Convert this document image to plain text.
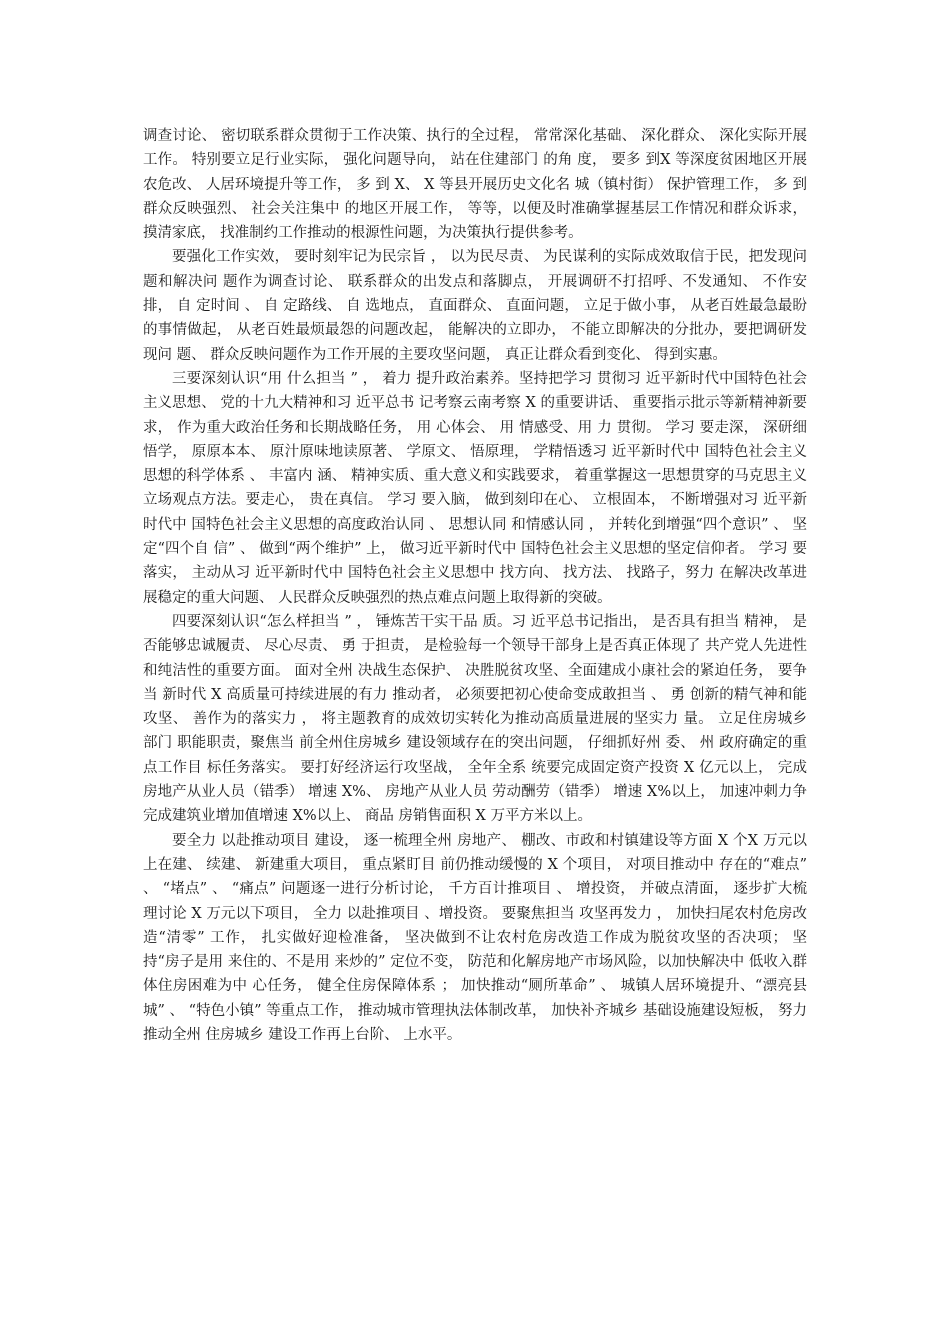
调查讨论、 密切联系群众贯彻于工作决策、执行的全过程， 常常深化基础、 深化群众、 深化实际开展工作。 特别要立足行业实际， 强化问题导向， 站在住建部门 的角 度， 要多 到X 等深度贫困地区开展农危改、 人居环境提升等工作， 多 到 X、 X 等县开展历史文化名 城（镇村街） 保护管理工作， 多 到群众反映强烈、 社会关注集中 的地区开展工作， 等等，以便及时准确掌握基层工作情况和群众诉求， 摸清家底， 找准制约工作推动的根源性问题，为决策执行提供参考。

要强化工作实效， 要时刻牢记为民宗旨 ， 以为民尽责、 为民谋利的实际成效取信于民，把发现问题和解决问 题作为调查讨论、 联系群众的出发点和落脚点， 开展调研不打招呼、不发通知、 不作安排， 自 定时间 、 自 定路线、 自 选地点， 直面群众、 直面问题， 立足于做小事， 从老百姓最急最盼的事情做起， 从老百姓最烦最怨的问题改起， 能解决的立即办， 不能立即解决的分批办，要把调研发现问 题、 群众反映问题作为工作开展的主要攻坚问题， 真正让群众看到变化、 得到实惠。

三要深刻认识“用 什么担当 ” ， 着力 提升政治素养。坚持把学习 贯彻习 近平新时代中国特色社会主义思想、 党的十九大精神和习 近平总书 记考察云南考察 X 的重要讲话、 重要指示批示等新精神新要求， 作为重大政治任务和长期战略任务， 用 心体会、 用 情感受、用 力 贯彻。 学习 要走深， 深研细悟学， 原原本本、 原汁原味地读原著、 学原文、 悟原理， 学精悟透习 近平新时代中 国特色社会主义思想的科学体系 、 丰富内 涵、 精神实质、重大意义和实践要求， 着重掌握这一思想贯穿的马克思主义立场观点方法。要走心， 贵在真信。 学习 要入脑， 做到刻印在心、 立根固本， 不断增强对习 近平新时代中 国特色社会主义思想的高度政治认同 、 思想认同 和情感认同 ， 并转化到增强“四个意识” 、 坚定“四个自 信” 、 做到“两个维护” 上， 做习近平新时代中 国特色社会主义思想的坚定信仰者。 学习 要落实， 主动从习 近平新时代中 国特色社会主义思想中 找方向、 找方法、 找路子，努力 在解决改革进展稳定的重大问题、 人民群众反映强烈的热点难点问题上取得新的突破。

四要深刻认识“怎么样担当 ” ， 锤炼苦干实干品 质。习 近平总书记指出， 是否具有担当 精神， 是否能够忠诚履责、 尽心尽责、 勇 于担责， 是检验每一个领导干部身上是否真正体现了 共产党人先进性和纯洁性的重要方面。 面对全州 决战生态保护、 决胜脱贫攻坚、全面建成小康社会的紧迫任务， 要争当 新时代 X 高质量可持续进展的有力 推动者， 必须要把初心使命变成敢担当 、 勇 创新的精气神和能攻坚、 善作为的落实力 ， 将主题教育的成效切实转化为推动高质量进展的坚实力 量。 立足住房城乡 部门 职能职责，聚焦当 前全州住房城乡 建设领域存在的突出问题， 仔细抓好州 委、 州 政府确定的重点工作目 标任务落实。 要打好经济运行攻坚战， 全年全系 统要完成固定资产投资 X 亿元以上， 完成房地产从业人员（错季） 增速 X%、 房地产从业人员 劳动酬劳（错季） 增速 X%以上， 加速冲刺力争完成建筑业增加值增速 X%以上、 商品 房销售面积 X 万平方米以上。

要全力 以赴推动项目 建设， 逐一梳理全州 房地产、 棚改、市政和村镇建设等方面 X 个X 万元以上在建、 续建、 新建重大项目， 重点紧盯目 前仍推动缓慢的 X 个项目， 对项目推动中 存在的“难点” 、 “堵点” 、 “痛点” 问题逐一进行分析讨论， 千方百计推项目 、 增投资， 并破点清面， 逐步扩大梳理讨论 X 万元以下项目， 全力 以赴推项目 、增投资。 要聚焦担当 攻坚再发力 ， 加快扫尾农村危房改造“清零” 工作， 扎实做好迎检准备， 坚决做到不让农村危房改造工作成为脱贫攻坚的否决项； 坚持“房子是用 来住的、不是用 来炒的” 定位不变， 防范和化解房地产市场风险，以加快解决中 低收入群体住房困难为中 心任务， 健全住房保障体系 ； 加快推动“厕所革命” 、 城镇人居环境提升、“漂亮县城” 、 “特色小镇” 等重点工作， 推动城市管理执法体制改革， 加快补齐城乡 基础设施建设短板， 努力 推动全州 住房城乡 建设工作再上台阶、 上水平。
